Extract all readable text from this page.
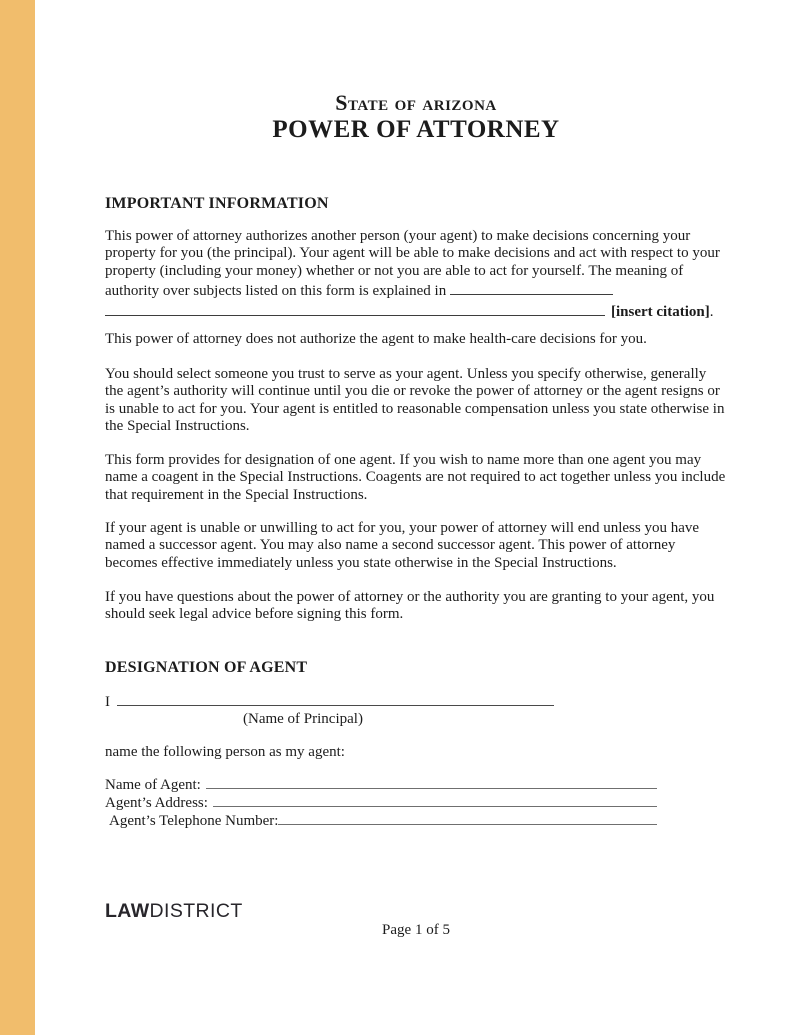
State of arizona
POWER OF ATTORNEY
IMPORTANT INFORMATION

This power of attorney authorizes another person (your agent) to make decisions concerning your property for you (the principal). Your agent will be able to make decisions and act with respect to your property (including your money) whether or not you are able to act for yourself. The meaning of authority over subjects listed on this form is explained in[insert citation].

This power of attorney does not authorize the agent to make health-care decisions for you.

You should select someone you trust to serve as your agent. Unless you specify otherwise, generally the agent’s authority will continue until you die or revoke the power of attorney or the agent resigns or is unable to act for you. Your agent is entitled to reasonable compensation unless you state otherwise in the Special Instructions.

This form provides for designation of one agent. If you wish to name more than one agent you may name a coagent in the Special Instructions. Coagents are not required to act together unless you include that requirement in the Special Instructions.

If your agent is unable or unwilling to act for you, your power of attorney will end unless you have named a successor agent. You may also name a second successor agent. This power of attorney becomes effective immediately unless you state otherwise in the Special Instructions.

If you have questions about the power of attorney or the authority you are granting to your agent, you should seek legal advice before signing this form.

DESIGNATION OF AGENT

I

(Name of Principal)

name the following person as my agent:

Name of Agent:
Agent’s Address:
Agent’s Telephone Number:
LAWDISTRICT
Page 1 of 5
